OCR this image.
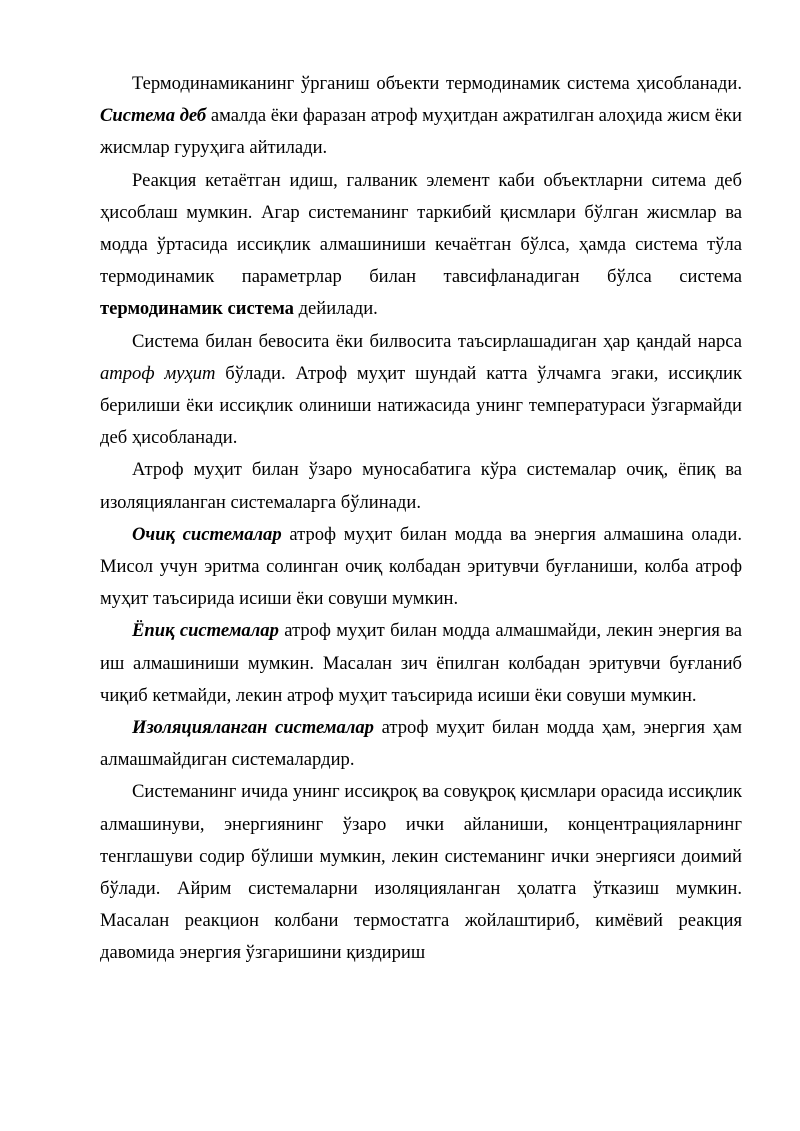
Термодинамиканинг ўрганиш объекти термодинамик система ҳисобланади. Система деб амалда ёки фаразан атроф муҳитдан ажратилган алоҳида жисм ёки жисмлар гуруҳига айтилади.

Реакция кетаётган идиш, галваник элемент каби объектларни ситема деб ҳисоблаш мумкин. Агар системанинг таркибий қисмлари бўлган жисмлар ва модда ўртасида иссиқлик алмашиниши кечаётган бўлса, ҳамда система тўла термодинамик параметрлар билан тавсифланадиган бўлса система термодинамик система дейилади.

Система билан бевосита ёки билвосита таъсирлашадиган ҳар қандай нарса атроф муҳит бўлади. Атроф муҳит шундай катта ўлчамга эгаки, иссиқлик берилиши ёки иссиқлик олиниши натижасида унинг температураси ўзгармайди деб ҳисобланади.

Атроф муҳит билан ўзаро муносабатига кўра системалар очиқ, ёпиқ ва изоляцияланган системаларга бўлинади.

Очиқ системалар атроф муҳит билан модда ва энергия алмашина олади. Мисол учун эритма солинган очиқ колбадан эритувчи буғланиши, колба атроф муҳит таъсирида исиши ёки совуши мумкин.

Ёпиқ системалар атроф муҳит билан модда алмашмайди, лекин энергия ва иш алмашиниши мумкин. Масалан зич ёпилган колбадан эритувчи буғланиб чиқиб кетмайди, лекин атроф муҳит таъсирида исиши ёки совуши мумкин.

Изоляцияланган системалар атроф муҳит билан модда ҳам, энергия ҳам алмашмайдиган системалардир.

Системанинг ичида унинг иссиқроқ ва совуқроқ қисмлари орасида иссиқлик алмашинуви, энергиянинг ўзаро ички айланиши, концентрацияларнинг тенглашуви содир бўлиши мумкин, лекин системанинг ички энергияси доимий бўлади. Айрим системаларни изоляцияланган ҳолатга ўтказиш мумкин. Масалан реакцион колбани термостатга жойлаштириб, кимёвий реакция давомида энергия ўзгаришини қиздириш
